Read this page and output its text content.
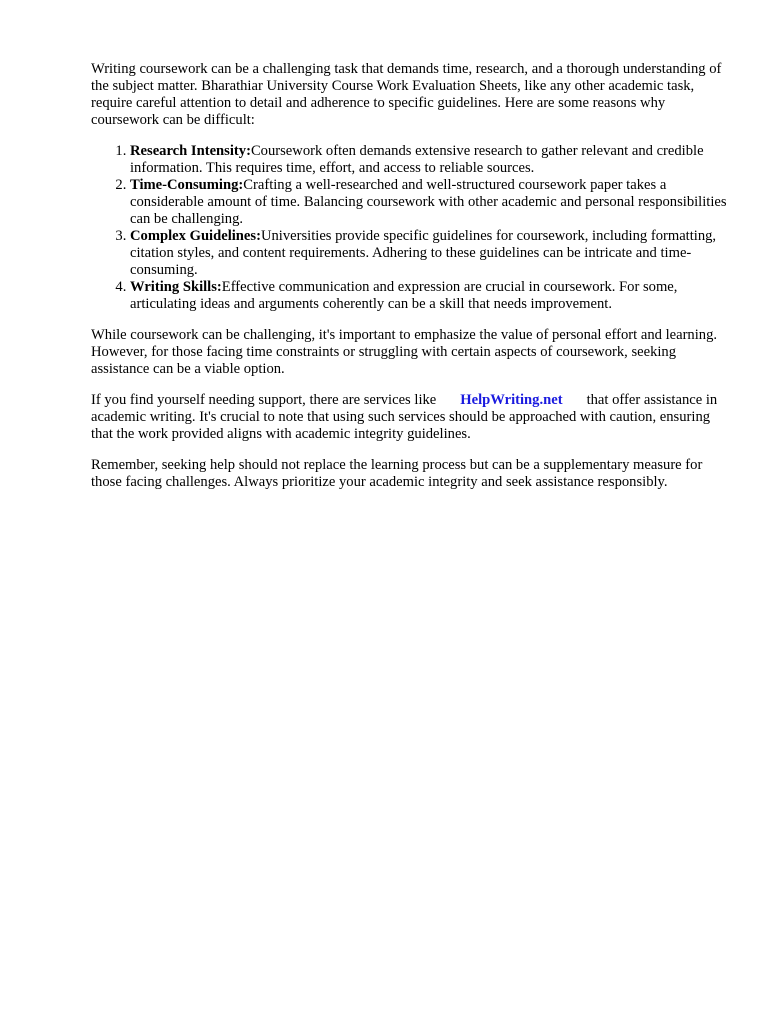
Writing coursework can be a challenging task that demands time, research, and a thorough understanding of the subject matter. Bharathiar University Course Work Evaluation Sheets, like any other academic task, require careful attention to detail and adherence to specific guidelines. Here are some reasons why coursework can be difficult:

1. Research Intensity:Coursework often demands extensive research to gather relevant and credible information. This requires time, effort, and access to reliable sources.
2. Time-Consuming:Crafting a well-researched and well-structured coursework paper takes a considerable amount of time. Balancing coursework with other academic and personal responsibilities can be challenging.
3. Complex Guidelines:Universities provide specific guidelines for coursework, including formatting, citation styles, and content requirements. Adhering to these guidelines can be intricate and time-consuming.
4. Writing Skills:Effective communication and expression are crucial in coursework. For some, articulating ideas and arguments coherently can be a skill that needs improvement.

While coursework can be challenging, it's important to emphasize the value of personal effort and learning. However, for those facing time constraints or struggling with certain aspects of coursework, seeking assistance can be a viable option.

If you find yourself needing support, there are services like HelpWriting.net that offer assistance in academic writing. It's crucial to note that using such services should be approached with caution, ensuring that the work provided aligns with academic integrity guidelines.

Remember, seeking help should not replace the learning process but can be a supplementary measure for those facing challenges. Always prioritize your academic integrity and seek assistance responsibly.
